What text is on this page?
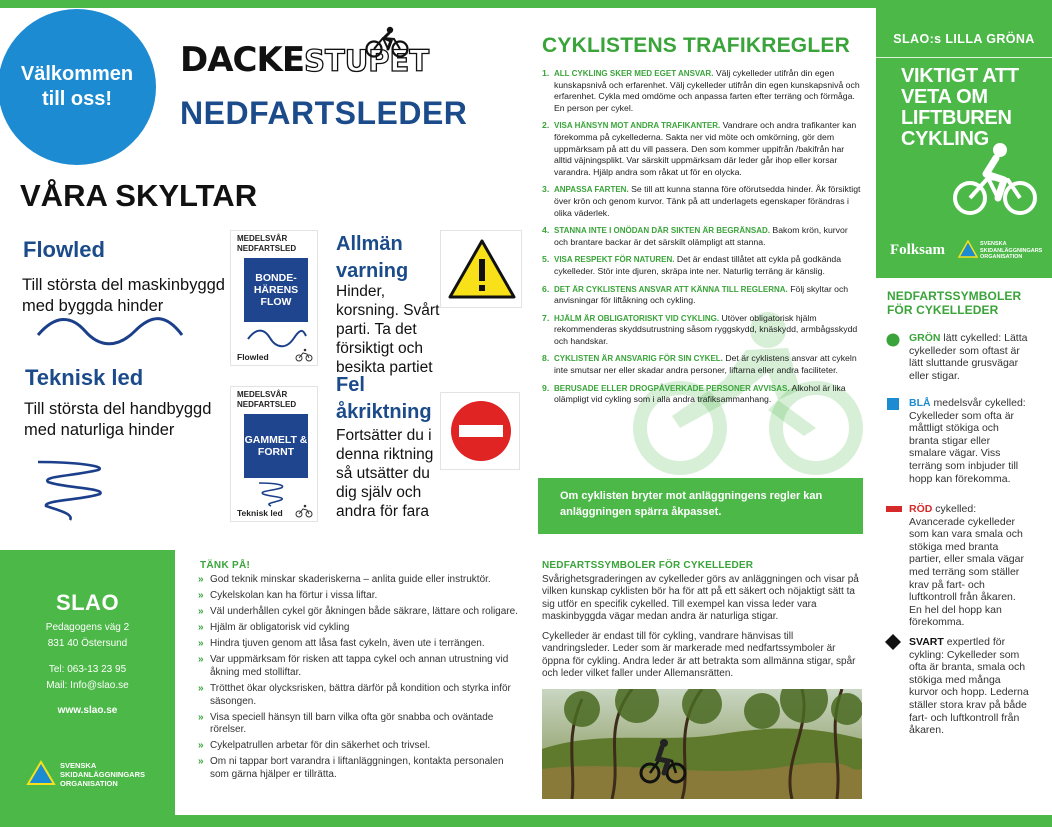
Välkommen till oss!
DACKESTUPET
NEDFARTSLEDER
VÅRA SKYLTAR
Flowled
Till största del maskinbyggd med byggda hinder
MEDELSVÅR NEDFARTSLED
BONDE-HÄRENS FLOW
Flowled
Teknisk led
Till största del handbyggd med naturliga hinder
MEDELSVÅR NEDFARTSLED
GAMMELT & FORNT
Teknisk led
Allmän varning
Hinder, korsning. Svårt parti. Ta det försiktigt och besikta partiet
Fel åkriktning
Fortsätter du i denna riktning så utsätter du dig själv och andra för fara
CYKLISTENS TRAFIKREGLER
1. ALL CYKLING SKER MED EGET ANSVAR. Välj cykelleder utifrån din egen kunskapsnivå och erfarenhet. Välj cykelleder utifrån din egen kunskapsnivå och erfarenhet. Cykla med omdöme och anpassa farten efter terräng och förmåga. En person per cykel.
2. VISA HÄNSYN MOT ANDRA TRAFIKANTER. Vandrare och andra trafikanter kan förekomma på cykellederna. Sakta ner vid möte och omkörning, gör dem uppmärksam på att du vill passera. Den som kommer uppifrån /bakifrån har alltid väjningsplikt. Var särskilt uppmärksam där leder går ihop eller korsar varandra. Hjälp andra som råkat ut för en olycka.
3. ANPASSA FARTEN. Se till att kunna stanna före oförutsedda hinder. Åk försiktigt över krön och genom kurvor. Tänk på att underlagets egenskaper förändras i olika väderlek.
4. STANNA INTE I ONÖDAN DÄR SIKTEN ÄR BEGRÄNSAD. Bakom krön, kurvor och brantare backar är det särskilt olämpligt att stanna.
5. VISA RESPEKT FÖR NATUREN. Det är endast tillåtet att cykla på godkända cykelleder. Stör inte djuren, skräpa inte ner. Naturlig terräng är känslig.
6. DET ÄR CYKLISTENS ANSVAR ATT KÄNNA TILL REGLERNA. Följ skyltar och anvisningar för liftåkning och cykling.
7. HJÄLM ÄR OBLIGATORISKT VID CYKLING. Utöver obligatorisk hjälm rekommenderas skyddsutrustning såsom ryggskydd, knäskydd, armbågsskydd och handskar.
8. CYKLISTEN ÄR ANSVARIG FÖR SIN CYKEL. Det är cyklistens ansvar att cykeln inte smutsar ner eller skadar andra personer, liftarna eller andra faciliteter.
9. BERUSADE ELLER DROGPÅVERKADE PERSONER AVVISAS. Alkohol är lika olämpligt vid cykling som i alla andra trafiksammanhang.
Om cyklisten bryter mot anläggningens regler kan anläggningen spärra åkpasset.
SLAO:s LILLA GRÖNA
VIKTIGT ATT VETA OM LIFTBUREN CYKLING
Folksam	SVENSKA SKIDANLÄGGNINGARS ORGANISATION
NEDFARTSSYMBOLER FÖR CYKELLEDER
GRÖN lätt cykelled: Lätta cykelleder som oftast är lätt sluttande grusvägar eller stigar.
BLÅ medelsvår cykelled: Cykelleder som ofta är måttligt stökiga och branta stigar eller smalare vägar. Viss terräng som inbjuder till hopp kan förekomma.
RÖD cykelled: Avancerade cykelleder som kan vara smala och stökiga med branta partier, eller smala vägar med terräng som ställer krav på fart- och luftkontroll från åkaren. En hel del hopp kan förekomma.
SVART expertled för cykling: Cykelleder som ofta är branta, smala och stökiga med många kurvor och hopp. Lederna ställer stora krav på både fart- och luftkontroll från åkaren.
SLAO
Pedagogens väg 2
831 40 Östersund
Tel: 063-13 23 95
Mail: Info@slao.se
www.slao.se
SVENSKA SKIDANLÄGGNINGARS ORGANISATION
TÄNK PÅ!
» God teknik minskar skaderiskerna – anlita guide eller instruktör.
» Cykelskolan kan ha förtur i vissa liftar.
» Väl underhållen cykel gör åkningen både säkrare, lättare och roligare.
» Hjälm är obligatorisk vid cykling
» Hindra tjuven genom att låsa fast cykeln, även ute i terrängen.
» Var uppmärksam för risken att tappa cykel och annan utrustning vid åkning med stolliftar.
» Trötthet ökar olycksrisken, bättra därför på kondition och styrka inför säsongen.
» Visa speciell hänsyn till barn vilka ofta gör snabba och oväntade rörelser.
» Cykelpatrullen arbetar för din säkerhet och trivsel.
» Om ni tappar bort varandra i liftanläggningen, kontakta personalen som gärna hjälper er tillrätta.
NEDFARTSSYMBOLER FÖR CYKELLEDER
Svårighetsgraderingen av cykelleder görs av anläggningen och visar på vilken kunskap cyklisten bör ha för att på ett säkert och nöjaktigt sätt ta sig utför en specifik cykelled. Till exempel kan vissa leder vara maskinbyggda vägar medan andra är naturliga stigar.
Cykelleder är endast till för cykling, vandrare hänvisas till vandringsleder. Leder som är markerade med nedfartssymboler är öppna för cykling. Andra leder är att betrakta som allmänna stigar, spår och leder vilket faller under Allemansrätten.
